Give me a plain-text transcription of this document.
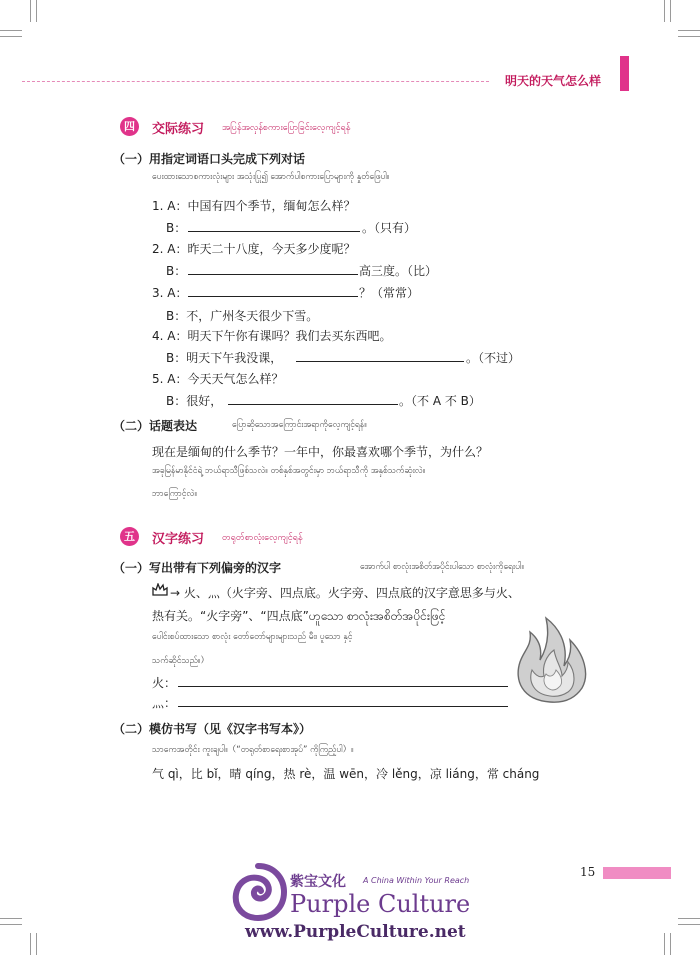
明天的天气怎么样
四	交际练习 အပြန်အလှန်စကားပြောခြင်းလေ့ကျင့်ရန်
（一）用指定词语口头完成下列对话
ပေးထားသောစကားလုံးများ အသုံးပြု၍ အောက်ပါစကားပြောများကို နှုတ်ဖြေပါ။
1. A：中国有四个季节，缅甸怎么样？
B：	。（只有）
2. A：昨天二十八度，今天多少度呢？
B：	高三度。（比）
3. A：	？（常常）
B：不，广州冬天很少下雪。
4. A：明天下午你有课吗？我们去买东西吧。
B：明天下午我没课，	。（不过）
5. A：今天天气怎么样？
B：很好，	。（不 A 不 B）
（二）话题表达	ပြောဆိုသောအကြောင်းအရာကိုလေ့ကျင့်ရန်။
现在是缅甸的什么季节？一年中，你最喜欢哪个季节，为什么？
အခုမြန်မာနိုင်ငံရဲ့ ဘယ်ရာသီဖြစ်သလဲ။ တစ်နှစ်အတွင်းမှာ ဘယ်ရာသီကို အနှစ်သက်ဆုံးလဲ။
ဘာကြောင့်လဲ။
五	汉字练习 တရုတ်စာလုံးလေ့ကျင့်ရန်
（一）写出带有下列偏旁的汉字	အောက်ပါ စာလုံးအစိတ်အပိုင်းပါသော စာလုံးကိုရေးပါ။
→ 火、灬（火字旁、四点底。火字旁、四点底的汉字意思多与火、
热有关。“火字旁”、“四点底”ဟူသော စာလုံးအစိတ်အပိုင်းဖြင့်
ပေါင်းစပ်ထားသော စာလုံး တော်တော်များများသည် မီး၊ ပူသော နှင့်
သက်ဆိုင်သည်။）
火：
灬：
（二）模仿书写（见《汉字书写本》）
သာကေအတိုင်း ကူးချပါ။（“တရုတ်စာရေးစာအုပ်” ကိုကြည့်ပါ）။
气 qì，比 bǐ，晴 qíng，热 rè，温 wēn，冷 lěng，凉 liáng，常 cháng
15
紫宝文化 A China Within Your Reach
Purple Culture
www.PurpleCulture.net
